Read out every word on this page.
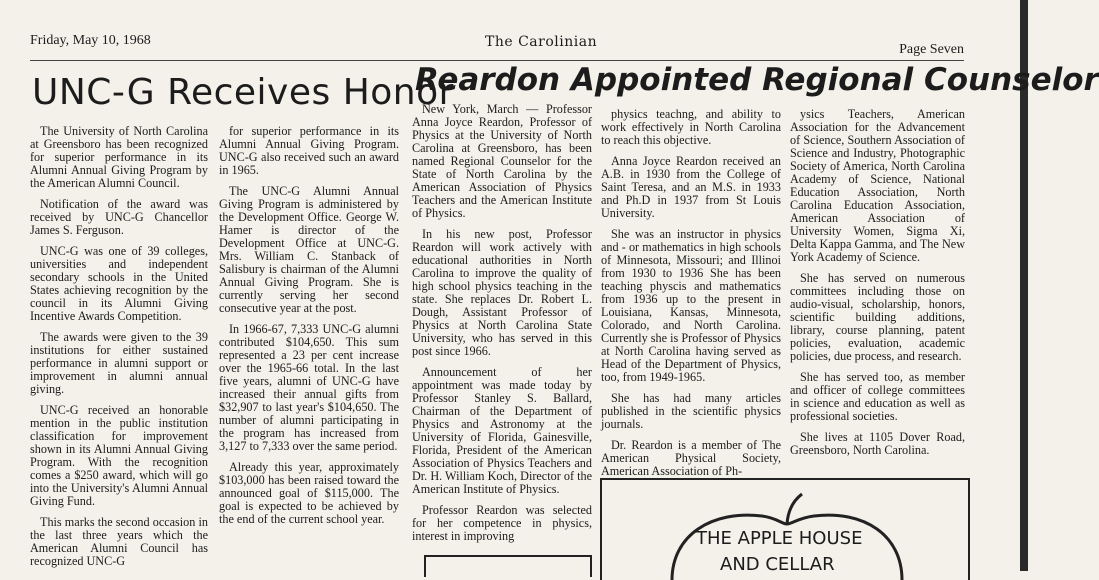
Friday, May 10, 1968	The Carolinian	Page Seven
UNC-G Receives Honor
Reardon Appointed Regional Counselor

The University of North Carolina at Greensboro has been recognized for superior performance in its Alumni Annual Giving Program by the American Alumni Council.

Notification of the award was received by UNC-G Chancellor James S. Ferguson.

UNC-G was one of 39 colleges, universities and independent secondary schools in the United States achieving recognition by the council in its Alumni Giving Incentive Awards Competition.

The awards were given to the 39 institutions for either sustained performance in alumni support or improvement in alumni annual giving.

UNC-G received an honorable mention in the public institution classification for improvement shown in its Alumni Annual Giving Program. With the recognition comes a $250 award, which will go into the University's Alumni Annual Giving Fund.

This marks the second occasion in the last three years which the American Alumni Council has recognized UNC-G

for superior performance in its Alumni Annual Giving Program. UNC-G also received such an award in 1965.

The UNC-G Alumni Annual Giving Program is administered by the Development Office. George W. Hamer is director of the Development Office at UNC-G. Mrs. William C. Stanback of Salisbury is chairman of the Alumni Annual Giving Program. She is currently serving her second consecutive year at the post.

In 1966-67, 7,333 UNC-G alumni contributed $104,650. This sum represented a 23 per cent increase over the 1965-66 total. In the last five years, alumni of UNC-G have increased their annual gifts from $32,907 to last year's $104,650. The number of alumni participating in the program has increased from 3,127 to 7,333 over the same period.

Already this year, approximately $103,000 has been raised toward the announced goal of $115,000. The goal is expected to be achieved by the end of the current school year.

New York, March — Professor Anna Joyce Reardon, Professor of Physics at the University of North Carolina at Greensboro, has been named Regional Counselor for the State of North Carolina by the American Association of Physics Teachers and the American Institute of Physics.

In his new post, Professor Reardon will work actively with educational authorities in North Carolina to improve the quality of high school physics teaching in the state. She replaces Dr. Robert L. Dough, Assistant Professor of Physics at North Carolina State University, who has served in this post since 1966.

Announcement of her appointment was made today by Professor Stanley S. Ballard, Chairman of the Department of Physics and Astronomy at the University of Florida, Gainesville, Florida, President of the American Association of Physics Teachers and Dr. H. William Koch, Director of the American Institute of Physics.

Professor Reardon was selected for her competence in physics, interest in improving

physics teachng, and ability to work effectively in North Carolina to reach this objective.

Anna Joyce Reardon received an A.B. in 1930 from the College of Saint Teresa, and an M.S. in 1933 and Ph.D in 1937 from St Louis University.

She was an instructor in physics and - or mathematics in high schools of Minnesota, Missouri; and Illinoi from 1930 to 1936 She has been teaching physcis and mathematics from 1936 up to the present in Louisiana, Kansas, Minnesota, Colorado, and North Carolina. Currently she is Professor of Physics at North Carolina having served as Head of the Department of Physics, too, from 1949-1965.

She has had many articles published in the scientific physics journals.

Dr. Reardon is a member of The American Physical Society, American Association of Ph-

ysics Teachers, American Association for the Advancement of Science, Southern Association of Science and Industry, Photographic Society of America, North Carolina Academy of Science, National Education Association, North Carolina Education Association, American Association of University Women, Sigma Xi, Delta Kappa Gamma, and The New York Academy of Science.

She has served on numerous committees including those on audio-visual, scholarship, honors, scientific building additions, library, course planning, patent policies, evaluation, academic policies, due process, and research.

She has served too, as member and officer of college committees in science and education as well as professional societies.

She lives at 1105 Dover Road, Greensboro, North Carolina.

THE APPLE HOUSE
AND CELLAR
